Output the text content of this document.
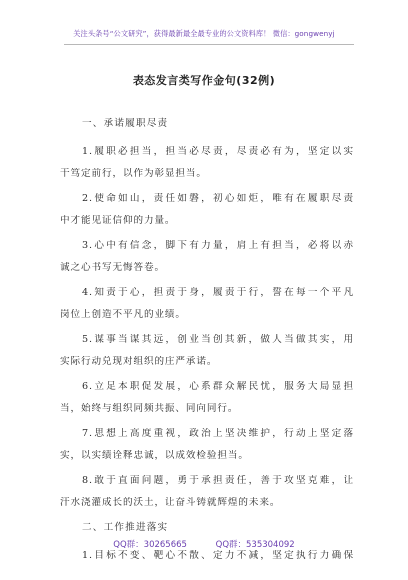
关注头条号“公文研究”，获得最新最全最专业的公文资料库！ 微信：gongwenyj
表态发言类写作金句(32例)
一、承诺履职尽责
1.履职必担当，担当必尽责，尽责必有为，坚定以实
干笃定前行，以作为彰显担当。
2.使命如山，责任如磐，初心如炬，唯有在履职尽责
中才能见证信仰的力量。
3.心中有信念，脚下有力量，肩上有担当，必将以赤
诚之心书写无悔答卷。
4.知责于心，担责于身，履责于行，誓在每一个平凡
岗位上创造不平凡的业绩。
5.谋事当谋其远，创业当创其新，做人当做其实，用
实际行动兑现对组织的庄严承诺。
6.立足本职促发展，心系群众解民忧，服务大局显担
当，始终与组织同频共振、同向同行。
7.思想上高度重视，政治上坚决维护，行动上坚定落
实，以实绩诠释忠诚，以成效检验担当。
8.敢于直面问题，勇于承担责任，善于攻坚克难，让
汗水浇灌成长的沃土，让奋斗铸就辉煌的未来。
二、工作推进落实
1.目标不变、靶心不散、定力不减，坚定执行力确保
QQ群：30265665	QQ群：535304092
